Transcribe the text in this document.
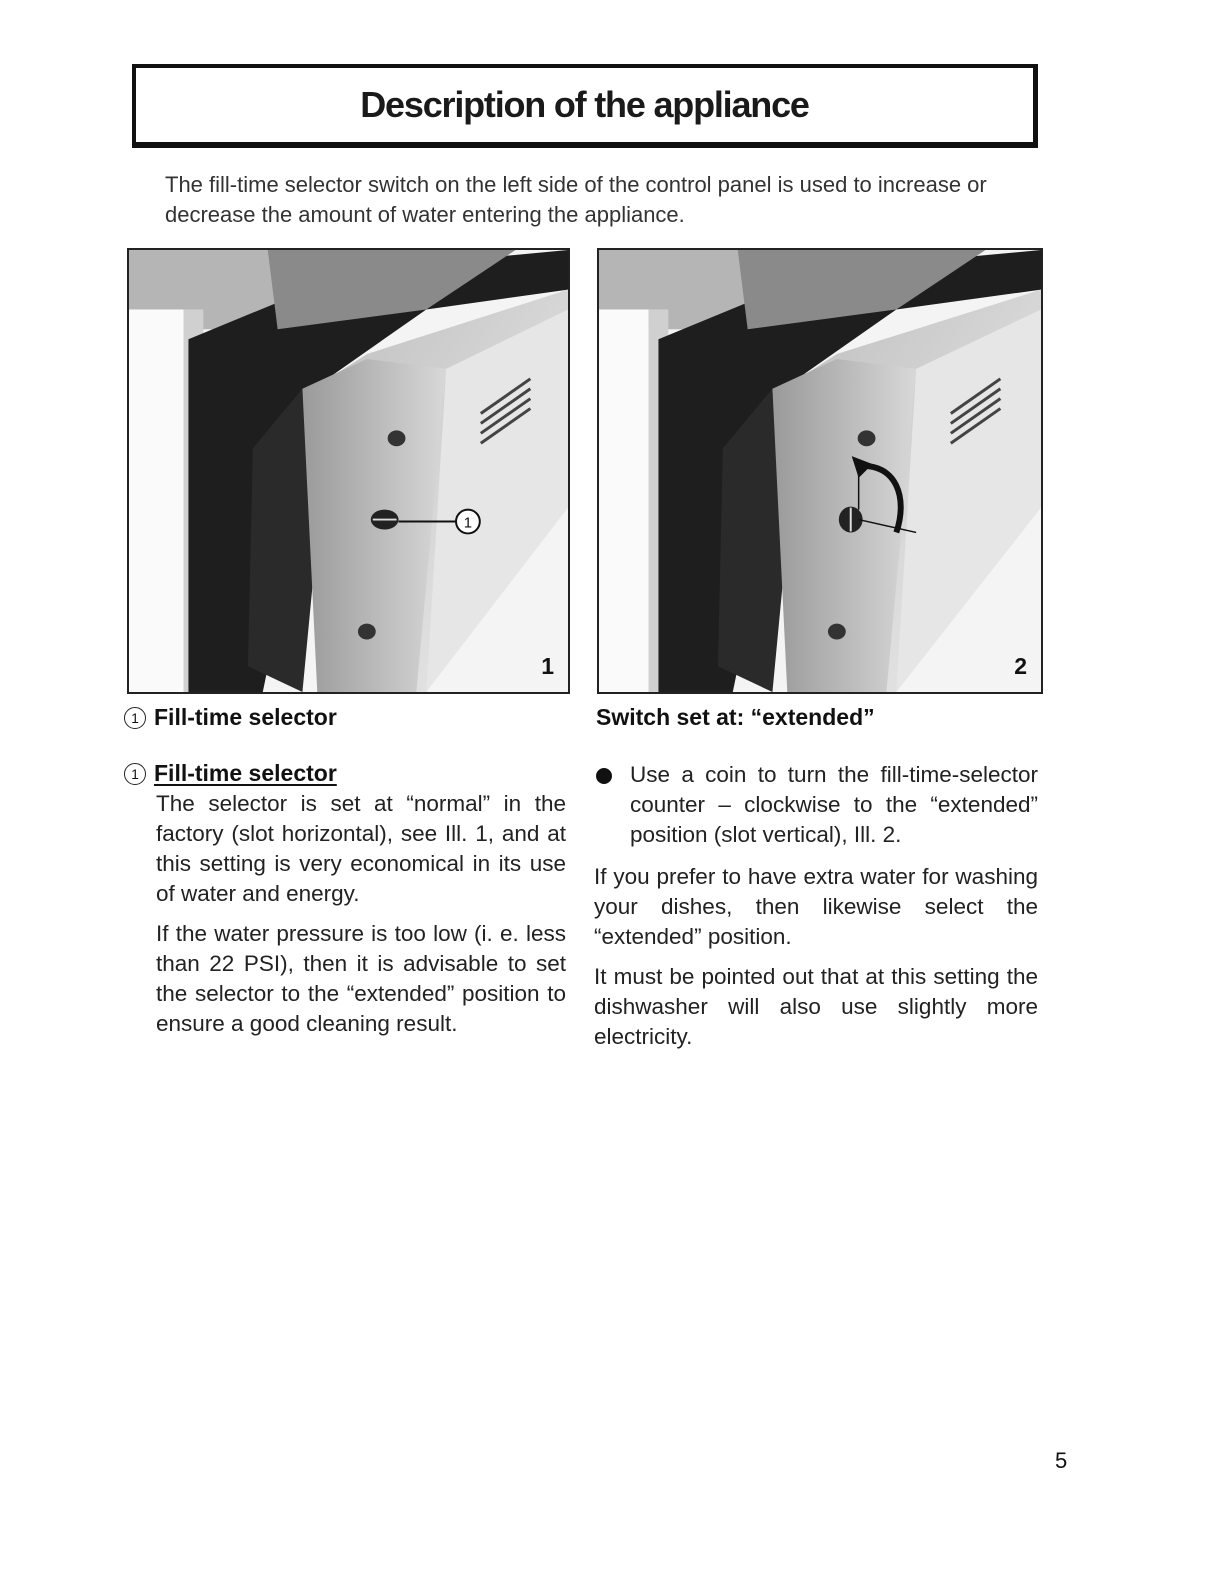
Description of the appliance
The fill-time selector switch on the left side of the control panel is used to increase or decrease the amount of water entering the appliance.
1
1	2
1 Fill-time selector	Switch set at: “extended”
1 Fill-time selector

The selector is set at “normal” in the factory (slot horizontal), see Ill. 1, and at this setting is very economical in its use of water and energy.

If the water pressure is too low (i. e. less than 22 PSI), then it is advisable to set the selector to the “extended” position to ensure a good cleaning result.

Use a coin to turn the fill-time-selector counter – clockwise to the “extended” position (slot vertical), Ill. 2.

If you prefer to have extra water for washing your dishes, then likewise select the “extended” position.

It must be pointed out that at this setting the dishwasher will also use slightly more electricity.

5
